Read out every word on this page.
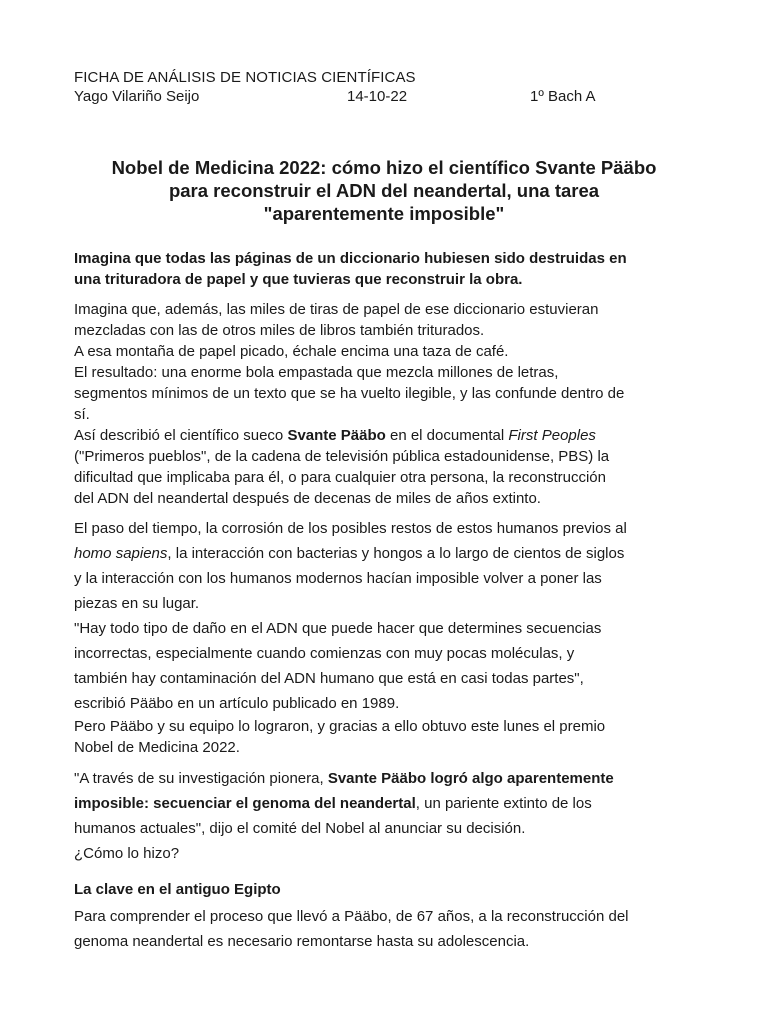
FICHA DE ANÁLISIS DE NOTICIAS CIENTÍFICAS
Yago Vilariño Seijo	14-10-22	1º Bach A
Nobel de Medicina 2022: cómo hizo el científico Svante Pääbo
para reconstruir el ADN del neandertal, una tarea
"aparentemente imposible"
Imagina que todas las páginas de un diccionario hubiesen sido destruidas en
una trituradora de papel y que tuvieras que reconstruir la obra.
Imagina que, además, las miles de tiras de papel de ese diccionario estuvieran
mezcladas con las de otros miles de libros también triturados.
A esa montaña de papel picado, échale encima una taza de café.
El resultado: una enorme bola empastada que mezcla millones de letras,
segmentos mínimos de un texto que se ha vuelto ilegible, y las confunde dentro de
sí.
Así describió el científico sueco Svante Pääbo en el documental First Peoples
("Primeros pueblos", de la cadena de televisión pública estadounidense, PBS) la
dificultad que implicaba para él, o para cualquier otra persona, la reconstrucción
del ADN del neandertal después de decenas de miles de años extinto.
El paso del tiempo, la corrosión de los posibles restos de estos humanos previos al
homo sapiens, la interacción con bacterias y hongos a lo largo de cientos de siglos
y la interacción con los humanos modernos hacían imposible volver a poner las
piezas en su lugar.
"Hay todo tipo de daño en el ADN que puede hacer que determines secuencias
incorrectas, especialmente cuando comienzas con muy pocas moléculas, y
también hay contaminación del ADN humano que está en casi todas partes",
escribió Pääbo en un artículo publicado en 1989.
Pero Pääbo y su equipo lo lograron, y gracias a ello obtuvo este lunes el premio
Nobel de Medicina 2022.
"A través de su investigación pionera, Svante Pääbo logró algo aparentemente
imposible: secuenciar el genoma del neandertal, un pariente extinto de los
humanos actuales", dijo el comité del Nobel al anunciar su decisión.
¿Cómo lo hizo?
La clave en el antiguo Egipto
Para comprender el proceso que llevó a Pääbo, de 67 años, a la reconstrucción del
genoma neandertal es necesario remontarse hasta su adolescencia.
